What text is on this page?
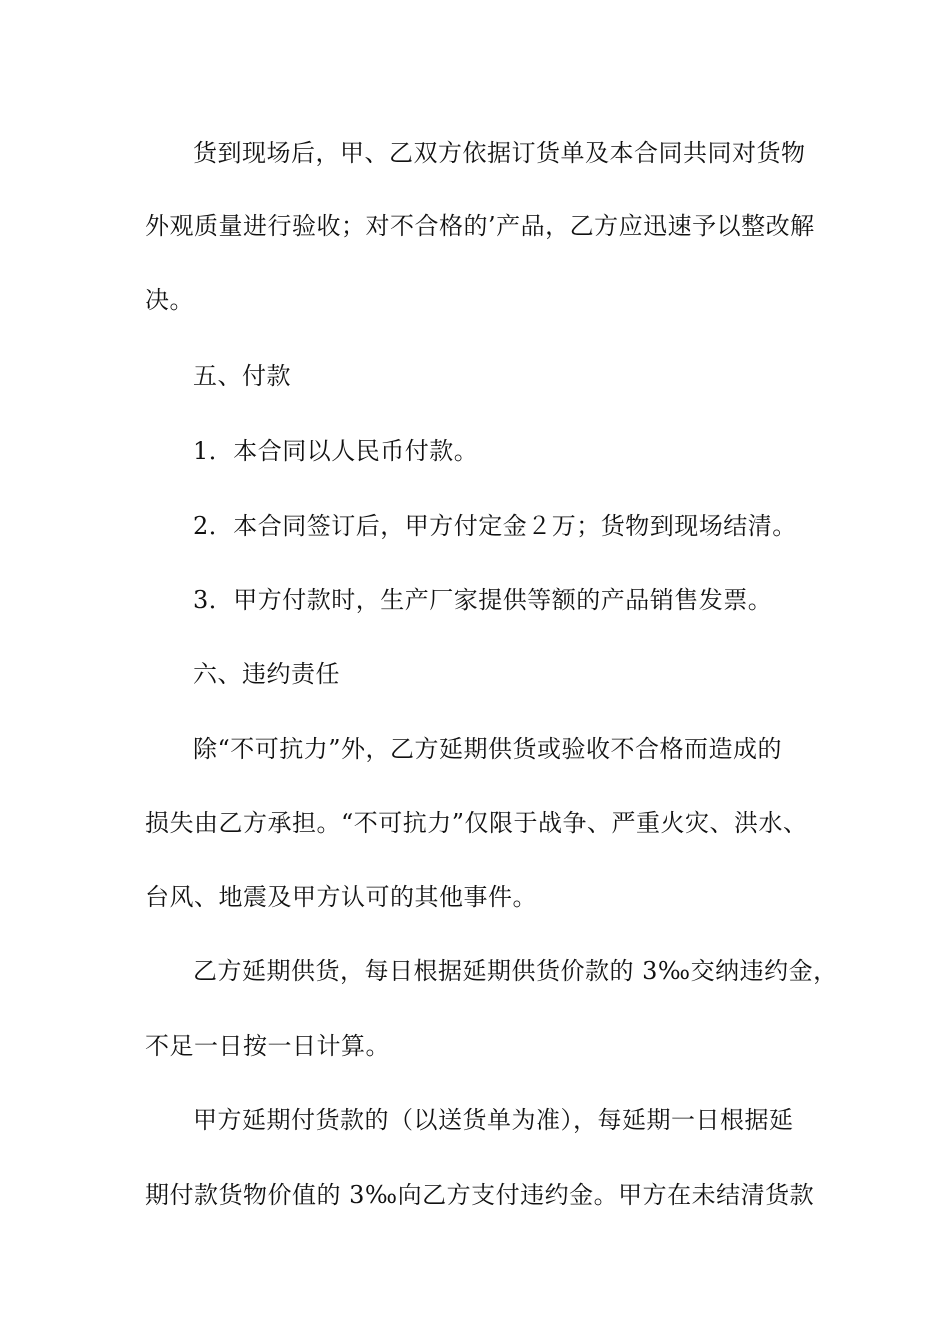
货到现场后，甲、乙双方依据订货单及本合同共同对货物
外观质量进行验收；对不合格的’产品，乙方应迅速予以整改解
决。
五、付款
1．本合同以人民币付款。
2．本合同签订后，甲方付定金２万；货物到现场结清。
3．甲方付款时，生产厂家提供等额的产品销售发票。
六、违约责任
除“不可抗力”外，乙方延期供货或验收不合格而造成的
损失由乙方承担。“不可抗力”仅限于战争、严重火灾、洪水、
台风、地震及甲方认可的其他事件。
乙方延期供货，每日根据延期供货价款的 3‰交纳违约金，
不足一日按一日计算。
甲方延期付货款的（以送货单为准），每延期一日根据延
期付款货物价值的 3‰向乙方支付违约金。甲方在未结清货款
